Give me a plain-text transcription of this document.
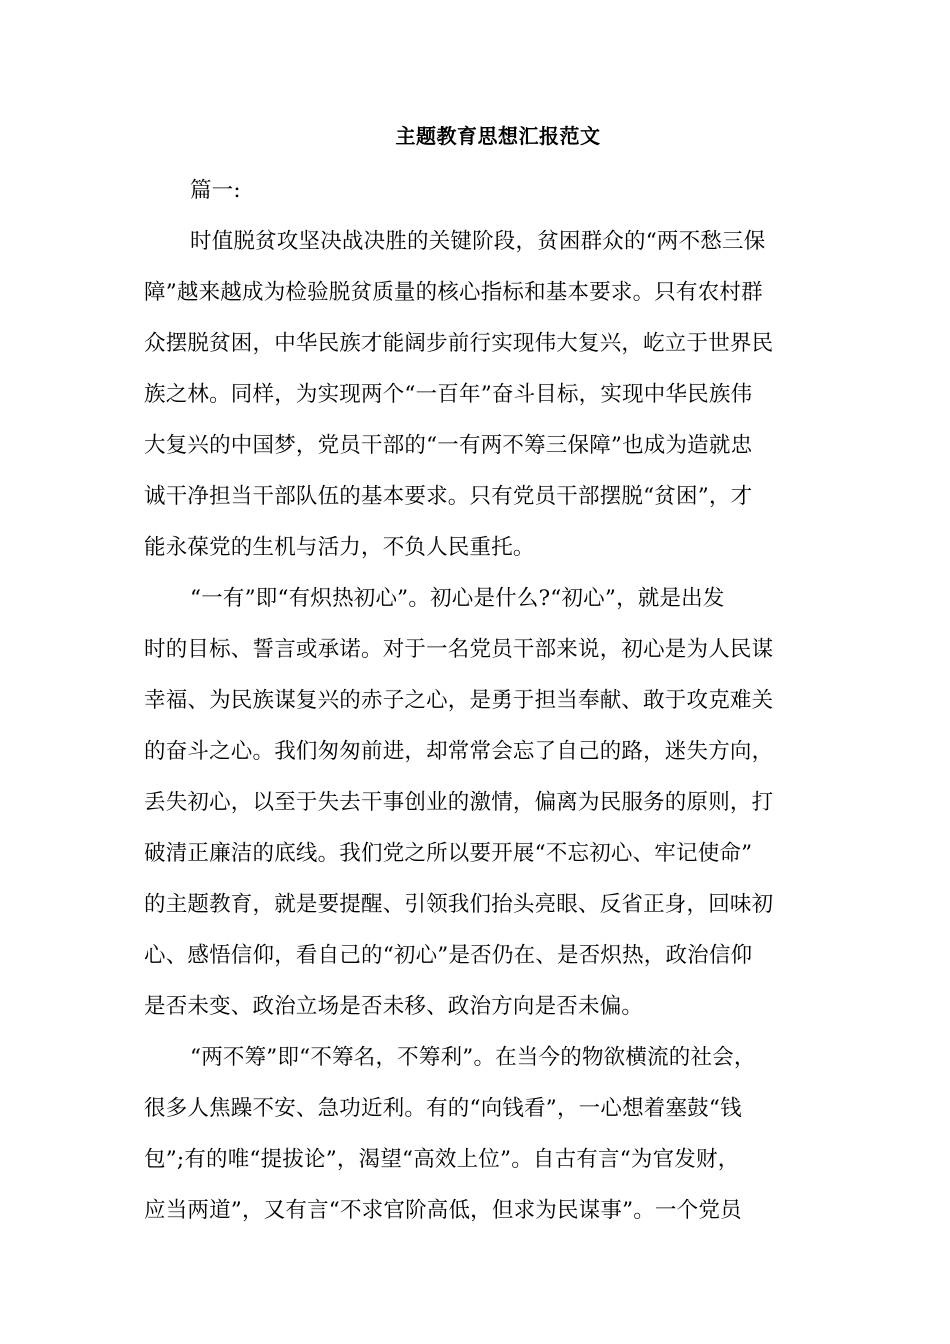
主题教育思想汇报范文
篇一:
时值脱贫攻坚决战决胜的关键阶段，贫困群众的“两不愁三保
障”越来越成为检验脱贫质量的核心指标和基本要求。只有农村群
众摆脱贫困，中华民族才能阔步前行实现伟大复兴，屹立于世界民
族之林。同样，为实现两个“一百年”奋斗目标，实现中华民族伟
大复兴的中国梦，党员干部的“一有两不筹三保障”也成为造就忠
诚干净担当干部队伍的基本要求。只有党员干部摆脱“贫困”，才
能永葆党的生机与活力，不负人民重托。
“一有”即“有炽热初心”。初心是什么?“初心”，就是出发
时的目标、誓言或承诺。对于一名党员干部来说，初心是为人民谋
幸福、为民族谋复兴的赤子之心，是勇于担当奉献、敢于攻克难关
的奋斗之心。我们匆匆前进，却常常会忘了自己的路，迷失方向，
丢失初心，以至于失去干事创业的激情，偏离为民服务的原则，打
破清正廉洁的底线。我们党之所以要开展“不忘初心、牢记使命”
的主题教育，就是要提醒、引领我们抬头亮眼、反省正身，回味初
心、感悟信仰，看自己的“初心”是否仍在、是否炽热，政治信仰
是否未变、政治立场是否未移、政治方向是否未偏。
“两不筹”即“不筹名，不筹利”。在当今的物欲横流的社会，
很多人焦躁不安、急功近利。有的“向钱看”，一心想着塞鼓“钱
包”;有的唯“提拔论”，渴望“高效上位”。自古有言“为官发财，
应当两道”，又有言“不求官阶高低，但求为民谋事”。一个党员
